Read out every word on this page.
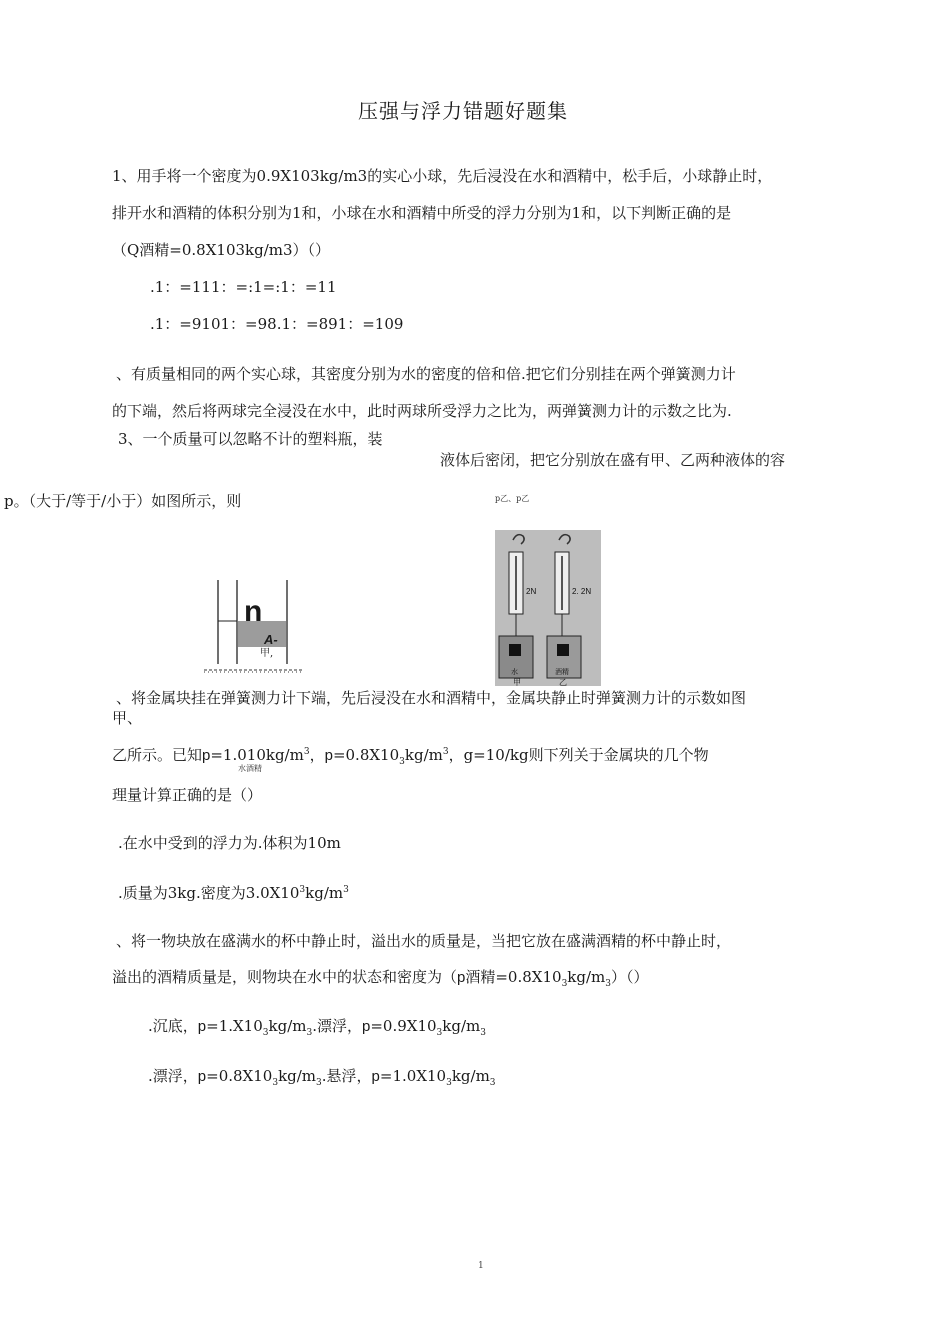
压强与浮力错题好题集
1、用手将一个密度为0.9X103kg/m3的实心小球，先后浸没在水和酒精中，松手后，小球静止时，
排开水和酒精的体积分别为1和，小球在水和酒精中所受的浮力分别为1和，以下判断正确的是
（Q酒精=0.8X103kg/m3）（）
.1：=111：=:1=:1：=11
.1：=9101：=98.1：=891：=109
、有质量相同的两个实心球，其密度分别为水的密度的倍和倍.把它们分别挂在两个弹簧测力计
的下端，然后将两球完全浸没在水中，此时两球所受浮力之比为，两弹簧测力计的示数之比为.
3、一个质量可以忽略不计的塑料瓶，装
液体后密闭，把它分别放在盛有甲、乙两种液体的容
p。（大于/等于/小于）如图所示，则	p乙、p乙
n
A-
甲,
2N
水
2. 2N
酒精
甲	乙
、将金属块挂在弹簧测力计下端，先后浸没在水和酒精中，金属块静止时弹簧测力计的示数如图
甲、
乙所示。已知$p=1.010kg/m^3$，$p=0.8X10_3kg/m^3$，g=10/kg则下列关于金属块的几个物
水酒精
理量计算正确的是（）
.在水中受到的浮力为.体积为10m
.质量为3kg.密度为$3.0X10^3kg/m^3$
、将一物块放在盛满水的杯中静止时，溢出水的质量是，当把它放在盛满酒精的杯中静止时，
溢出的酒精质量是，则物块在水中的状态和密度为（p酒精$=0.8X10_3kg/m_3)()$
.沉底，$p=1.X10_3kg/m_3$.漂浮，$p=0.9X10_3kg/m_3$
.漂浮，$p=0.8X10_3kg/m_3$.悬浮，$p=1.0X10_3kg/m_3$
1
